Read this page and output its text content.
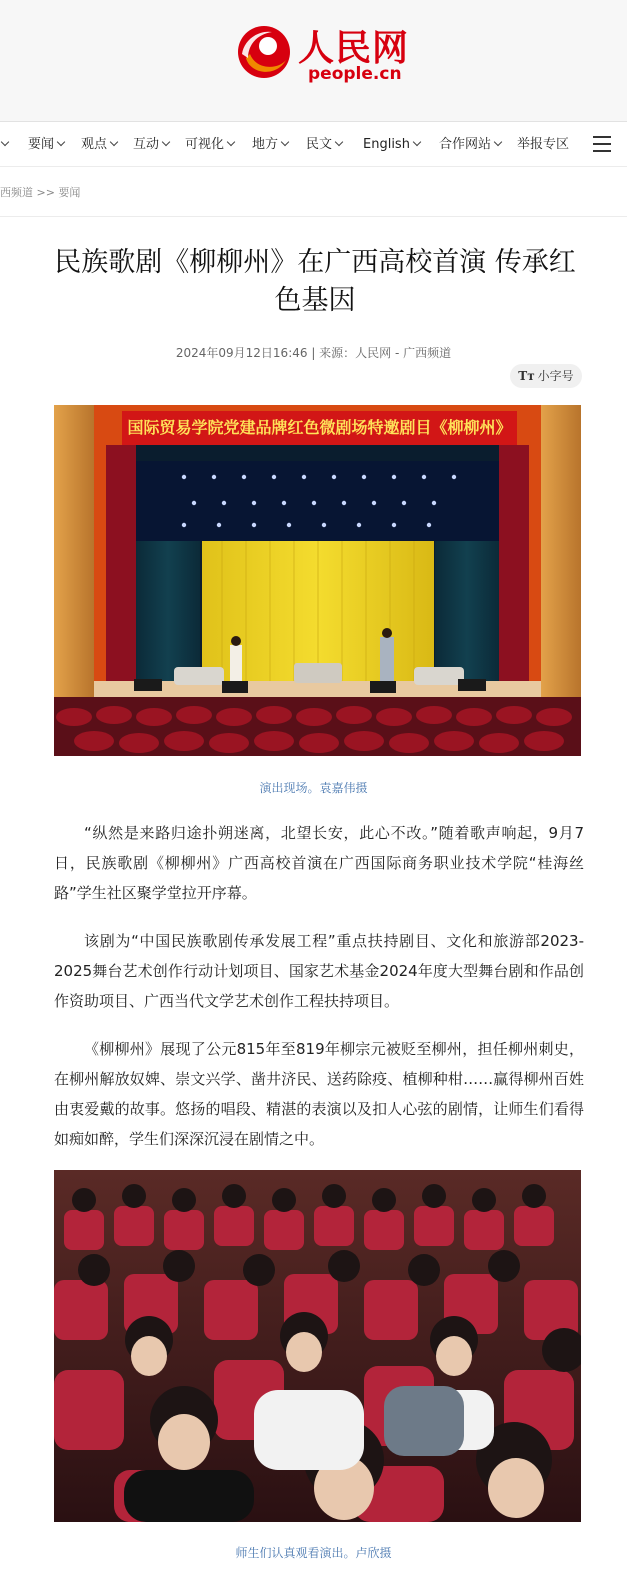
人民网
people.cn
要闻	观点	互动	可视化	地方	民文	English	合作网站	举报专区
西频道 >> 要闻
民族歌剧《柳柳州》在广西高校首演 传承红色基因
2024年09月12日16:46 | 来源：人民网 - 广西频道
Tт 小字号
国际贸易学院党建品牌红色微剧场特邀剧目《柳柳州》
演出现场。袁嘉伟摄

“纵然是来路归途扑朔迷离，北望长安，此心不改。”随着歌声响起，9月7日，民族歌剧《柳柳州》广西高校首演在广西国际商务职业技术学院“桂海丝路”学生社区聚学堂拉开序幕。

该剧为“中国民族歌剧传承发展工程”重点扶持剧目、文化和旅游部2023-2025舞台艺术创作行动计划项目、国家艺术基金2024年度大型舞台剧和作品创作资助项目、广西当代文学艺术创作工程扶持项目。

《柳柳州》展现了公元815年至819年柳宗元被贬至柳州，担任柳州刺史，在柳州解放奴婢、崇文兴学、凿井济民、送药除疫、植柳种柑……赢得柳州百姓由衷爱戴的故事。悠扬的唱段、精湛的表演以及扣人心弦的剧情，让师生们看得如痴如醉，学生们深深沉浸在剧情之中。

师生们认真观看演出。卢欣摄
